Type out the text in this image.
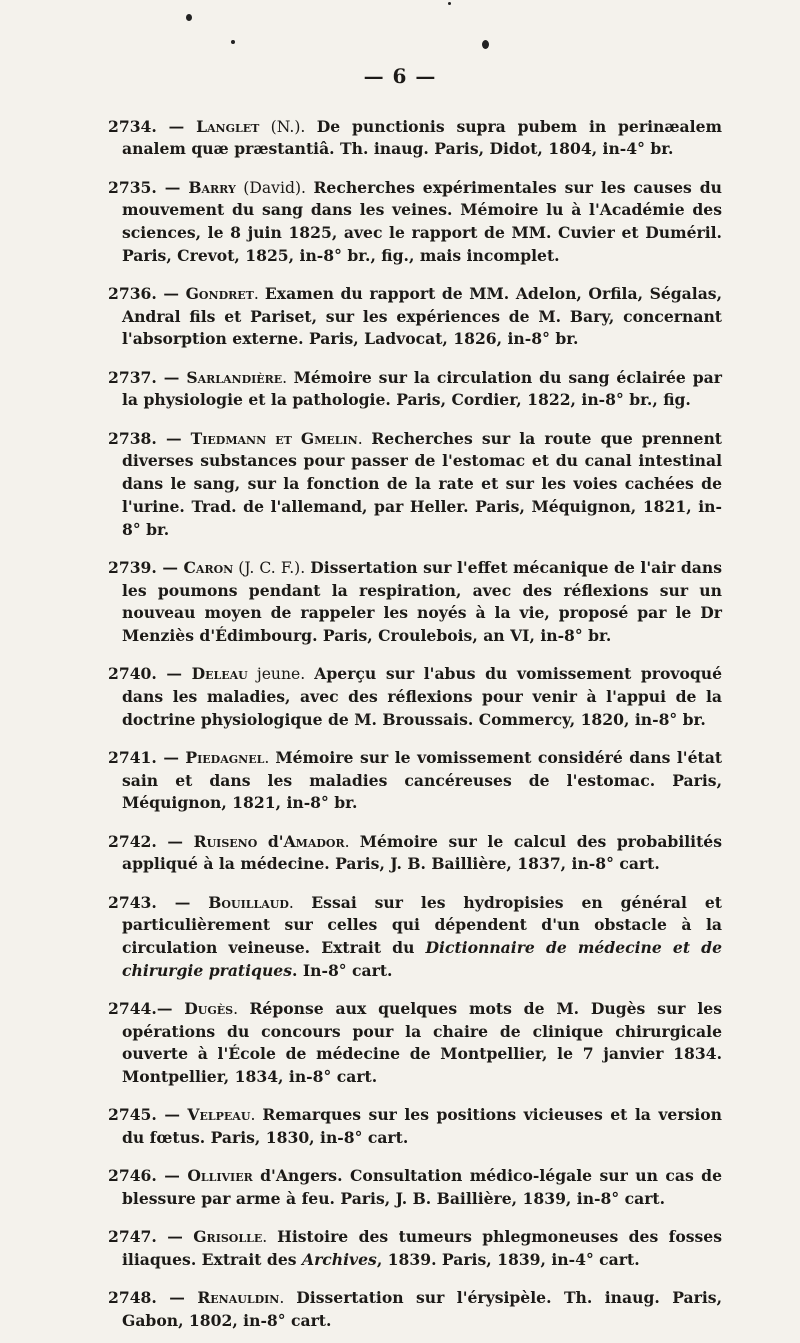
— 6 —

2734. — Langlet (N.). De punctionis supra pubem in perinæalem analem quæ præstantiâ. Th. inaug. Paris, Didot, 1804, in-4° br.

2735. — Barry (David). Recherches expérimentales sur les causes du mouvement du sang dans les veines. Mémoire lu à l'Académie des sciences, le 8 juin 1825, avec le rapport de MM. Cuvier et Duméril. Paris, Crevot, 1825, in-8° br., fig., mais incomplet.

2736. — Gondret. Examen du rapport de MM. Adelon, Orfila, Ségalas, Andral fils et Pariset, sur les expériences de M. Bary, concernant l'absorption externe. Paris, Ladvocat, 1826, in-8° br.

2737. — Sarlandière. Mémoire sur la circulation du sang éclairée par la physiologie et la pathologie. Paris, Cordier, 1822, in-8° br., fig.

2738. — Tiedmann et Gmelin. Recherches sur la route que prennent diverses substances pour passer de l'estomac et du canal intestinal dans le sang, sur la fonction de la rate et sur les voies cachées de l'urine. Trad. de l'allemand, par Heller. Paris, Méquignon, 1821, in-8° br.

2739. — Caron (J. C. F.). Dissertation sur l'effet mécanique de l'air dans les poumons pendant la respiration, avec des réflexions sur un nouveau moyen de rappeler les noyés à la vie, proposé par le Dr Menziès d'Édimbourg. Paris, Croulebois, an VI, in-8° br.

2740. — Deleau jeune. Aperçu sur l'abus du vomissement provoqué dans les maladies, avec des réflexions pour venir à l'appui de la doctrine physiologique de M. Broussais. Commercy, 1820, in-8° br.

2741. — Piedagnel. Mémoire sur le vomissement considéré dans l'état sain et dans les maladies cancéreuses de l'estomac. Paris, Méquignon, 1821, in-8° br.

2742. — Ruiseno d'Amador. Mémoire sur le calcul des probabilités appliqué à la médecine. Paris, J. B. Baillière, 1837, in-8° cart.

2743. — Bouillaud. Essai sur les hydropisies en général et particulièrement sur celles qui dépendent d'un obstacle à la circulation veineuse. Extrait du Dictionnaire de médecine et de chirurgie pratiques. In-8° cart.

2744.— Dugès. Réponse aux quelques mots de M. Dugès sur les opérations du concours pour la chaire de clinique chirurgicale ouverte à l'École de médecine de Montpellier, le 7 janvier 1834. Montpellier, 1834, in-8° cart.

2745. — Velpeau. Remarques sur les positions vicieuses et la version du fœtus. Paris, 1830, in-8° cart.

2746. — Ollivier d'Angers. Consultation médico-légale sur un cas de blessure par arme à feu. Paris, J. B. Baillière, 1839, in-8° cart.

2747. — Grisolle. Histoire des tumeurs phlegmoneuses des fosses iliaques. Extrait des Archives, 1839. Paris, 1839, in-4° cart.

2748. — Renauldin. Dissertation sur l'érysipèle. Th. inaug. Paris, Gabon, 1802, in-8° cart.
